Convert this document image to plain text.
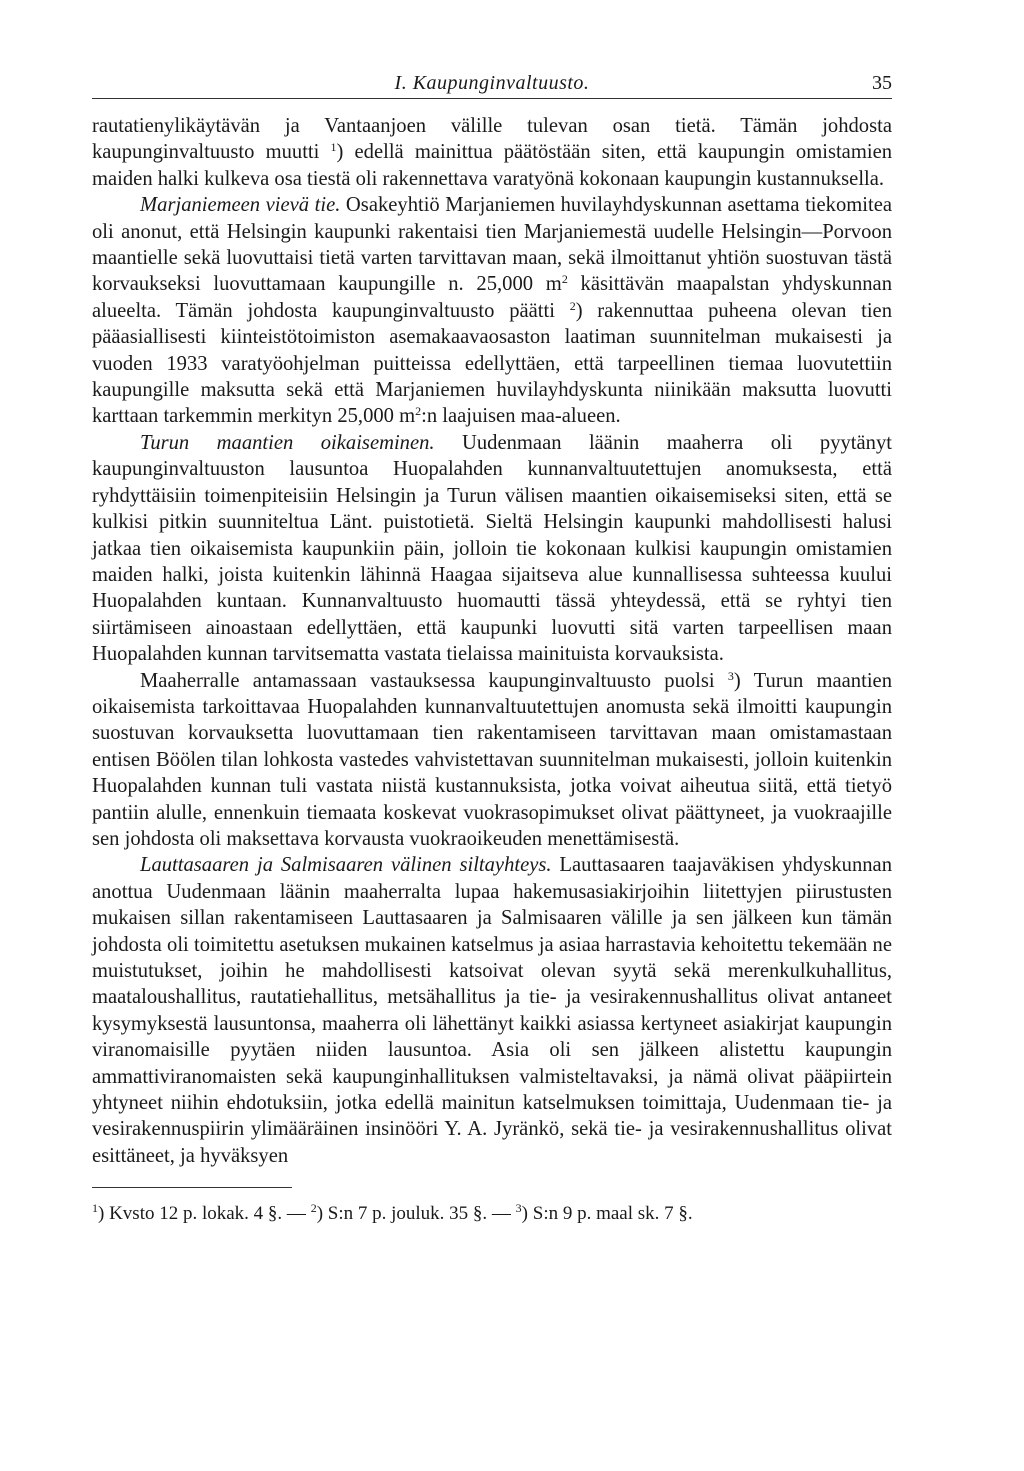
I. Kaupunginvaltuusto.	35

rautatienylikäytävän ja Vantaanjoen välille tulevan osan tietä. Tämän johdosta kaupunginvaltuusto muutti $^1$) edellä mainittua päätöstään siten, että kaupungin omistamien maiden halki kulkeva osa tiestä oli rakennettava varatyönä kokonaan kaupungin kustannuksella.

Marjaniemeen vievä tie. Osakeyhtiö Marjaniemen huvilayhdyskunnan asettama tiekomitea oli anonut, että Helsingin kaupunki rakentaisi tien Marjaniemestä uudelle Helsingin—Porvoon maantielle sekä luovuttaisi tietä varten tarvittavan maan, sekä ilmoittanut yhtiön suostuvan tästä korvaukseksi luovuttamaan kaupungille n. 25,000 $m^2$ käsittävän maapalstan yhdyskunnan alueelta. Tämän johdosta kaupunginvaltuusto päätti $^2$) rakennuttaa puheena olevan tien pääasiallisesti kiinteistötoimiston asemakaavaosaston laatiman suunnitelman mukaisesti ja vuoden 1933 varatyöohjelman puitteissa edellyttäen, että tarpeellinen tiemaa luovutettiin kaupungille maksutta sekä että Marjaniemen huvilayhdyskunta niinikään maksutta luovutti karttaan tarkemmin merkityn 25,000 $m^2:n$ laajuisen maa-alueen.

Turun maantien oikaiseminen. Uudenmaan läänin maaherra oli pyytänyt kaupunginvaltuuston lausuntoa Huopalahden kunnanvaltuutettujen anomuksesta, että ryhdyttäisiin toimenpiteisiin Helsingin ja Turun välisen maantien oikaisemiseksi siten, että se kulkisi pitkin suunniteltua Länt. puistotietä. Sieltä Helsingin kaupunki mahdollisesti halusi jatkaa tien oikaisemista kaupunkiin päin, jolloin tie kokonaan kulkisi kaupungin omistamien maiden halki, joista kuitenkin lähinnä Haagaa sijaitseva alue kunnallisessa suhteessa kuului Huopalahden kuntaan. Kunnanvaltuusto huomautti tässä yhteydessä, että se ryhtyi tien siirtämiseen ainoastaan edellyttäen, että kaupunki luovutti sitä varten tarpeellisen maan Huopalahden kunnan tarvitsematta vastata tielaissa mainituista korvauksista.

Maaherralle antamassaan vastauksessa kaupunginvaltuusto puolsi $^3$) Turun maantien oikaisemista tarkoittavaa Huopalahden kunnanvaltuutettujen anomusta sekä ilmoitti kaupungin suostuvan korvauksetta luovuttamaan tien rakentamiseen tarvittavan maan omistamastaan entisen Böölen tilan lohkosta vastedes vahvistettavan suunnitelman mukaisesti, jolloin kuitenkin Huopalahden kunnan tuli vastata niistä kustannuksista, jotka voivat aiheutua siitä, että tietyö pantiin alulle, ennenkuin tiemaata koskevat vuokrasopimukset olivat päättyneet, ja vuokraajille sen johdosta oli maksettava korvausta vuokraoikeuden menettämisestä.

Lauttasaaren ja Salmisaaren välinen siltayhteys. Lauttasaaren taajaväkisen yhdyskunnan anottua Uudenmaan läänin maaherralta lupaa hakemusasiakirjoihin liitettyjen piirustusten mukaisen sillan rakentamiseen Lauttasaaren ja Salmisaaren välille ja sen jälkeen kun tämän johdosta oli toimitettu asetuksen mukainen katselmus ja asiaa harrastavia kehoitettu tekemään ne muistutukset, joihin he mahdollisesti katsoivat olevan syytä sekä merenkulkuhallitus, maataloushallitus, rautatiehallitus, metsähallitus ja tie- ja vesirakennushallitus olivat antaneet kysymyksestä lausuntonsa, maaherra oli lähettänyt kaikki asiassa kertyneet asiakirjat kaupungin viranomaisille pyytäen niiden lausuntoa. Asia oli sen jälkeen alistettu kaupungin ammattiviranomaisten sekä kaupunginhallituksen valmisteltavaksi, ja nämä olivat pääpiirtein yhtyneet niihin ehdotuksiin, jotka edellä mainitun katselmuksen toimittaja, Uudenmaan tie- ja vesirakennuspiirin ylimääräinen insinööri Y. A. Jyränkö, sekä tie- ja vesirakennushallitus olivat esittäneet, ja hyväksyen

$^1$) Kvsto 12 p. lokak. 4 §. — $^2$) S:n 7 p. jouluk. 35 §. — $^3$) S:n 9 p. maal sk. 7 §.
